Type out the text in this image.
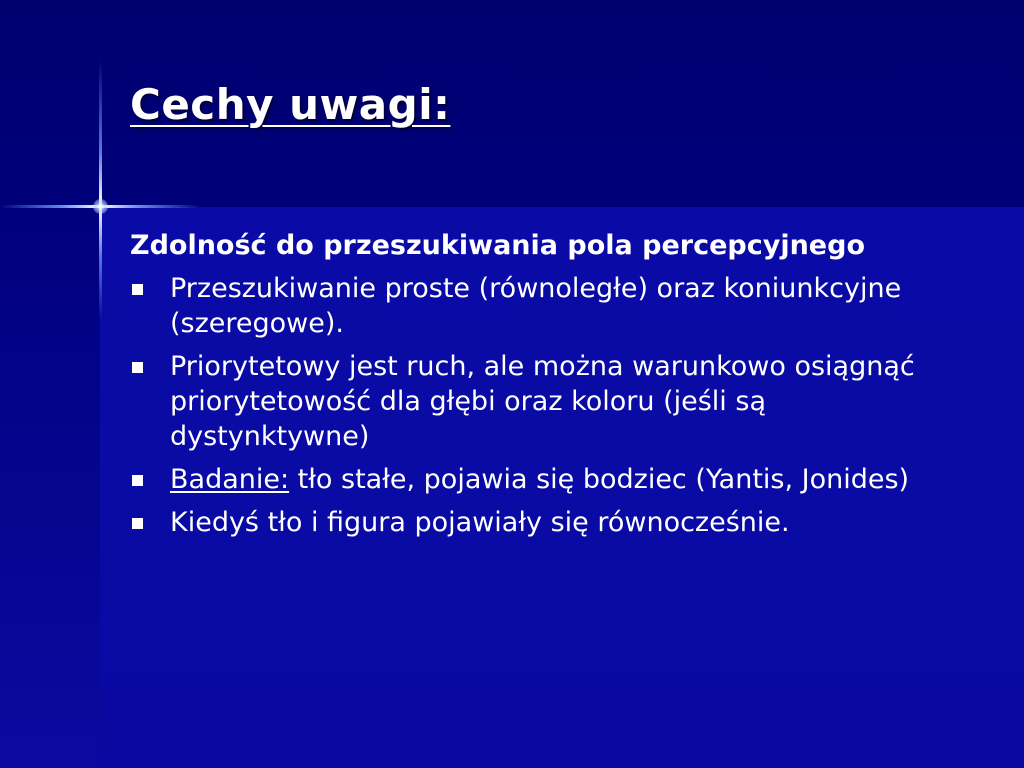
Cechy uwagi:
Zdolność do przeszukiwania pola percepcyjnego
Przeszukiwanie proste (równoległe) oraz koniunkcyjne (szeregowe).
Priorytetowy jest ruch, ale można warunkowo osiągnąć priorytetowość dla głębi oraz koloru (jeśli są dystynktywne)
Badanie: tło stałe, pojawia się bodziec (Yantis, Jonides)
Kiedyś tło i figura pojawiały się równocześnie.
